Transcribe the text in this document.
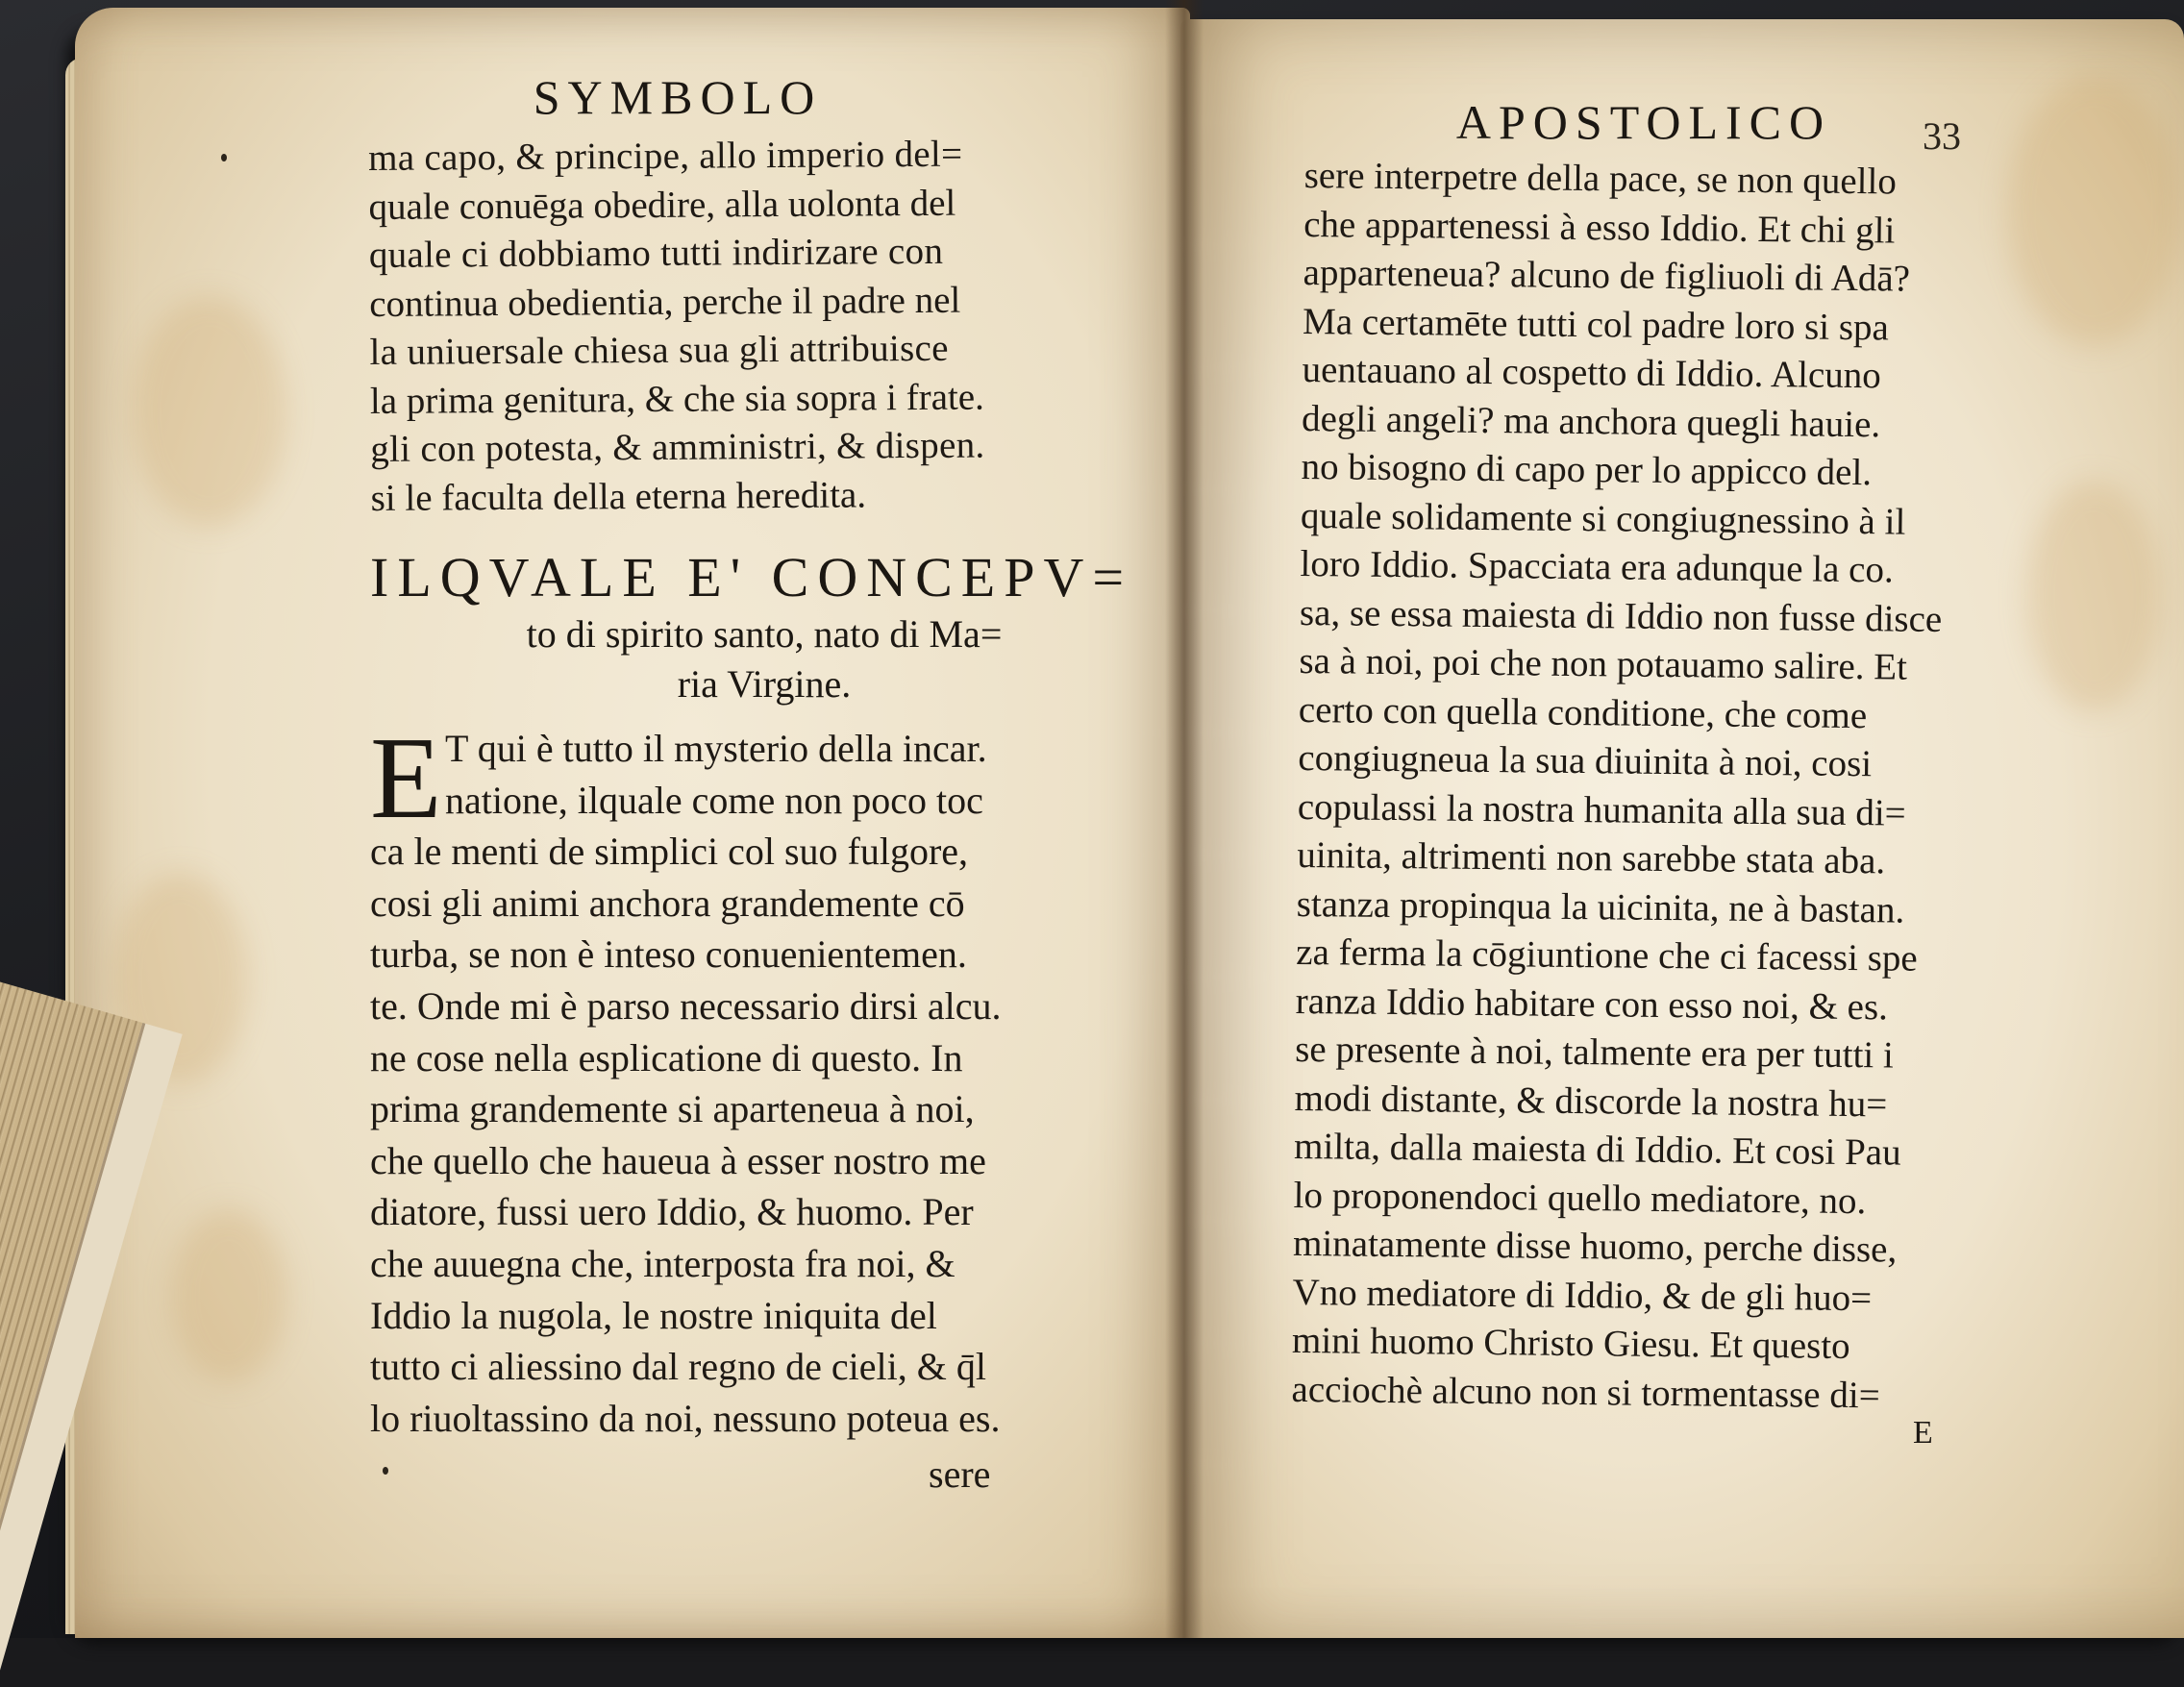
SYMBOLO
ma capo, & principe, allo imperio del=
quale conuēga obedire, alla uolonta del
quale ci dobbiamo tutti indirizare con
continua obedientia, perche il padre nel
la uniuersale chiesa sua gli attribuisce
la prima genitura, & che sia sopra i frate.
gli con potesta, & amministri, & dispen.
si le faculta della eterna heredita.
ILQVALE E' CONCEPV=
to di spirito santo, nato di Ma=
ria Virgine.
E T qui è tutto il mysterio della incar.
natione, ilquale come non poco toc
ca le menti de simplici col suo fulgore,
cosi gli animi anchora grandemente cō
turba, se non è inteso conuenientemen.
te. Onde mi è parso necessario dirsi alcu.
ne cose nella esplicatione di questo. In
prima grandemente si aparteneua à noi,
che quello che haueua à esser nostro me
diatore, fussi uero Iddio, & huomo. Per
che auuegna che, interposta fra noi, &
Iddio la nugola, le nostre iniquita del
tutto ci aliessino dal regno de cieli, & q̄l
lo riuoltassino da noi, nessuno poteua es.
sere
APOSTOLICO	33
sere interpetre della pace, se non quello
che appartenessi à esso Iddio. Et chi gli
apparteneua? alcuno de figliuoli di Adā?
Ma certamēte tutti col padre loro si spa
uentauano al cospetto di Iddio. Alcuno
degli angeli? ma anchora quegli hauie.
no bisogno di capo per lo appicco del.
quale solidamente si congiugnessino à il
loro Iddio. Spacciata era adunque la co.
sa, se essa maiesta di Iddio non fusse disce
sa à noi, poi che non potauamo salire. Et
certo con quella conditione, che come
congiugneua la sua diuinita à noi, cosi
copulassi la nostra humanita alla sua di=
uinita, altrimenti non sarebbe stata aba.
stanza propinqua la uicinita, ne à bastan.
za ferma la cōgiuntione che ci facessi spe
ranza Iddio habitare con esso noi, & es.
se presente à noi, talmente era per tutti i
modi distante, & discorde la nostra hu=
milta, dalla maiesta di Iddio. Et cosi Pau
lo proponendoci quello mediatore, no.
minatamente disse huomo, perche disse,
Vno mediatore di Iddio, & de gli huo=
mini huomo Christo Giesu. Et questo
acciochè alcuno non si tormentasse di=
E
